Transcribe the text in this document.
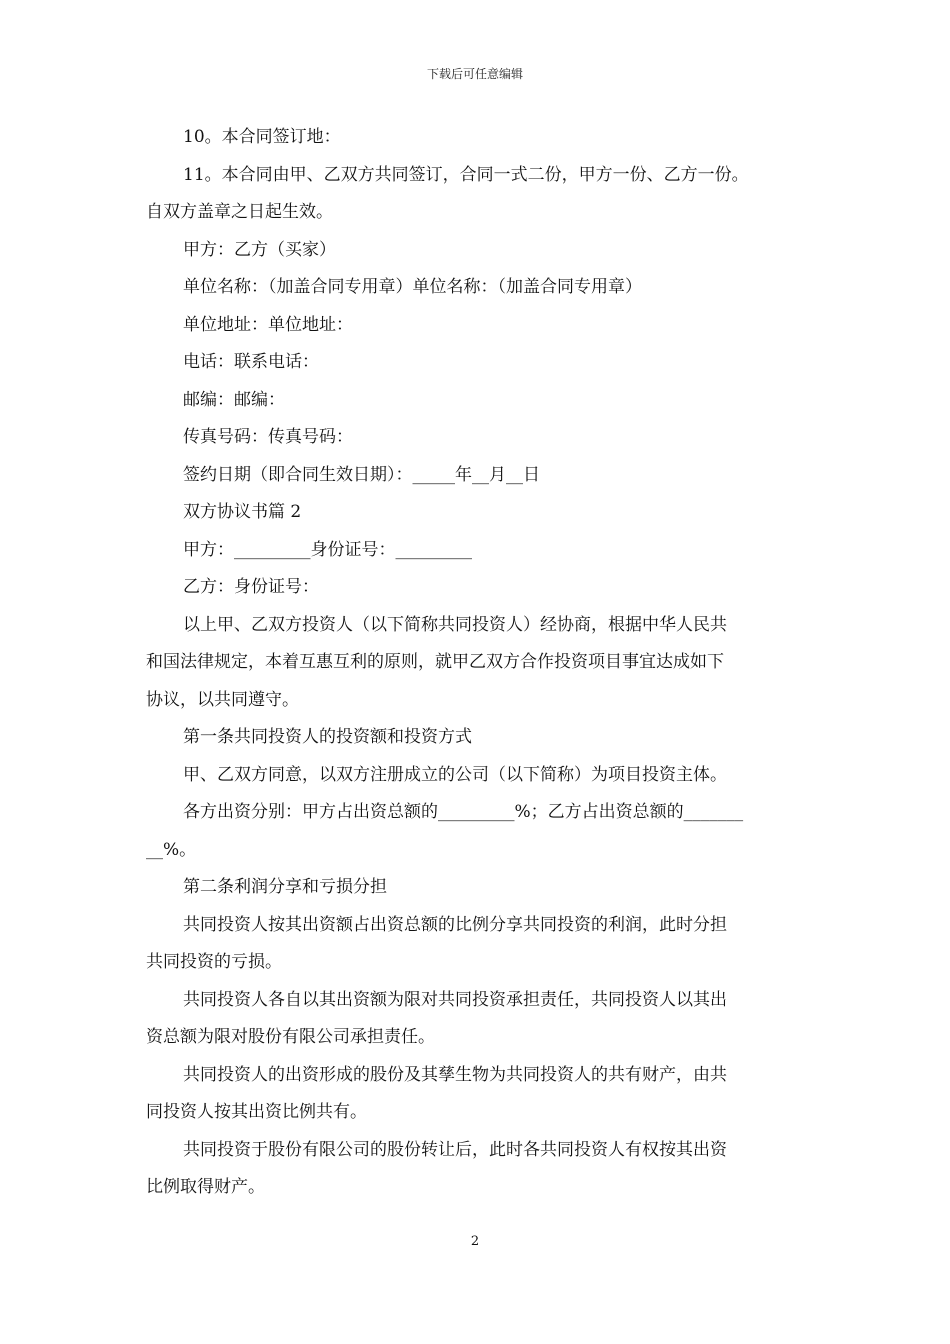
下载后可任意编辑
10。本合同签订地：
11。本合同由甲、乙双方共同签订，合同一式二份，甲方一份、乙方一份。
自双方盖章之日起生效。
甲方：乙方（买家）
单位名称：（加盖合同专用章）单位名称：（加盖合同专用章）
单位地址：单位地址：
电话：联系电话：
邮编：邮编：
传真号码：传真号码：
签约日期（即合同生效日期）：_____年__月__日
双方协议书篇 2
甲方：_________身份证号：_________
乙方：身份证号：
以上甲、乙双方投资人（以下简称共同投资人）经协商，根据中华人民共
和国法律规定，本着互惠互利的原则，就甲乙双方合作投资项目事宜达成如下
协议，以共同遵守。
第一条共同投资人的投资额和投资方式
甲、乙双方同意，以双方注册成立的公司（以下简称）为项目投资主体。
各方出资分别：甲方占出资总额的_________%；乙方占出资总额的_______
__%。
第二条利润分享和亏损分担
共同投资人按其出资额占出资总额的比例分享共同投资的利润，此时分担
共同投资的亏损。
共同投资人各自以其出资额为限对共同投资承担责任，共同投资人以其出
资总额为限对股份有限公司承担责任。
共同投资人的出资形成的股份及其孳生物为共同投资人的共有财产，由共
同投资人按其出资比例共有。
共同投资于股份有限公司的股份转让后，此时各共同投资人有权按其出资
比例取得财产。
2
